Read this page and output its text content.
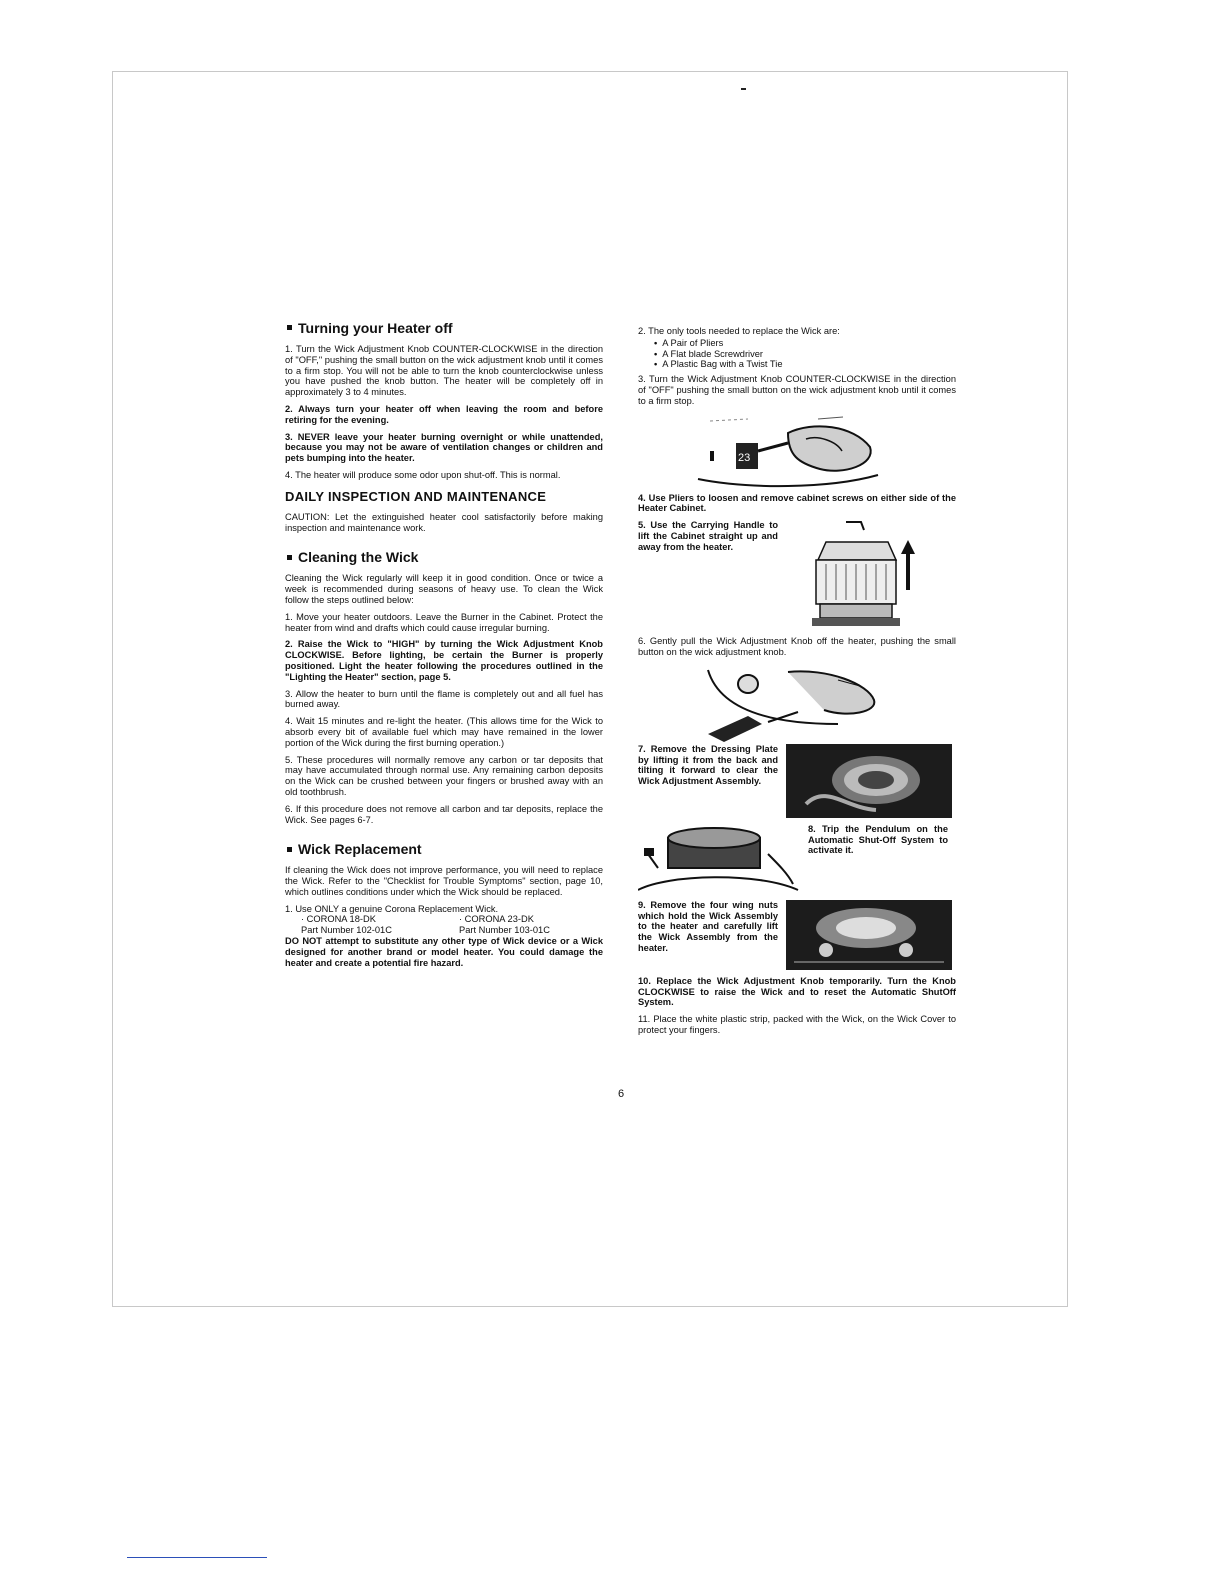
Turning your Heater off

1. Turn the Wick Adjustment Knob COUNTER-CLOCKWISE in the direction of "OFF," pushing the small button on the wick adjustment knob until it comes to a firm stop. You will not be able to turn the knob counterclockwise unless you have pushed the knob button. The heater will be completely off in approximately 3 to 4 minutes.

2. Always turn your heater off when leaving the room and before retiring for the evening.

3. NEVER leave your heater burning overnight or while unattended, because you may not be aware of ventilation changes or children and pets bumping into the heater.

4. The heater will produce some odor upon shut-off. This is normal.

DAILY INSPECTION AND MAINTENANCE

CAUTION: Let the extinguished heater cool satisfactorily before making inspection and maintenance work.

Cleaning the Wick

Cleaning the Wick regularly will keep it in good condition. Once or twice a week is recommended during seasons of heavy use. To clean the Wick follow the steps outlined below:

1. Move your heater outdoors. Leave the Burner in the Cabinet. Protect the heater from wind and drafts which could cause irregular burning.

2. Raise the Wick to "HIGH" by turning the Wick Adjustment Knob CLOCKWISE. Before lighting, be certain the Burner is properly positioned. Light the heater following the procedures outlined in the "Lighting the Heater" section, page 5.

3. Allow the heater to burn until the flame is completely out and all fuel has burned away.

4. Wait 15 minutes and re-light the heater. (This allows time for the Wick to absorb every bit of available fuel which may have remained in the lower portion of the Wick during the first burning operation.)

5. These procedures will normally remove any carbon or tar deposits that may have accumulated through normal use. Any remaining carbon deposits on the Wick can be crushed between your fingers or brushed away with an old toothbrush.

6. If this procedure does not remove all carbon and tar deposits, replace the Wick. See pages 6-7.

Wick Replacement

If cleaning the Wick does not improve performance, you will need to replace the Wick. Refer to the "Checklist for Trouble Symptoms" section, page 10, which outlines conditions under which the Wick should be replaced.

1. Use ONLY a genuine Corona Replacement Wick.

· CORONA 18-DK
Part Number 102-01C
· CORONA 23-DK
Part Number 103-01C

DO NOT attempt to substitute any other type of Wick device or a Wick designed for another brand or model heater. You could damage the heater and create a potential fire hazard.

2. The only tools needed to replace the Wick are:

• A Pair of Pliers
• A Flat blade Screwdriver
• A Plastic Bag with a Twist Tie

3. Turn the Wick Adjustment Knob COUNTER-CLOCKWISE in the direction of "OFF" pushing the small button on the wick adjustment knob until it comes to a firm stop.

23

4. Use Pliers to loosen and remove cabinet screws on either side of the Heater Cabinet.

5. Use the Carrying Handle to lift the Cabinet straight up and away from the heater.

6. Gently pull the Wick Adjustment Knob off the heater, pushing the small button on the wick adjustment knob.

7. Remove the Dressing Plate by lifting it from the back and tilting it forward to clear the Wick Adjustment Assembly.

8. Trip the Pendulum on the Automatic Shut-Off System to activate it.

9. Remove the four wing nuts which hold the Wick Assembly to the heater and carefully lift the Wick Assembly from the heater.

10. Replace the Wick Adjustment Knob temporarily. Turn the Knob CLOCKWISE to raise the Wick and to reset the Automatic ShutOff System.

11. Place the white plastic strip, packed with the Wick, on the Wick Cover to protect your fingers.

6
